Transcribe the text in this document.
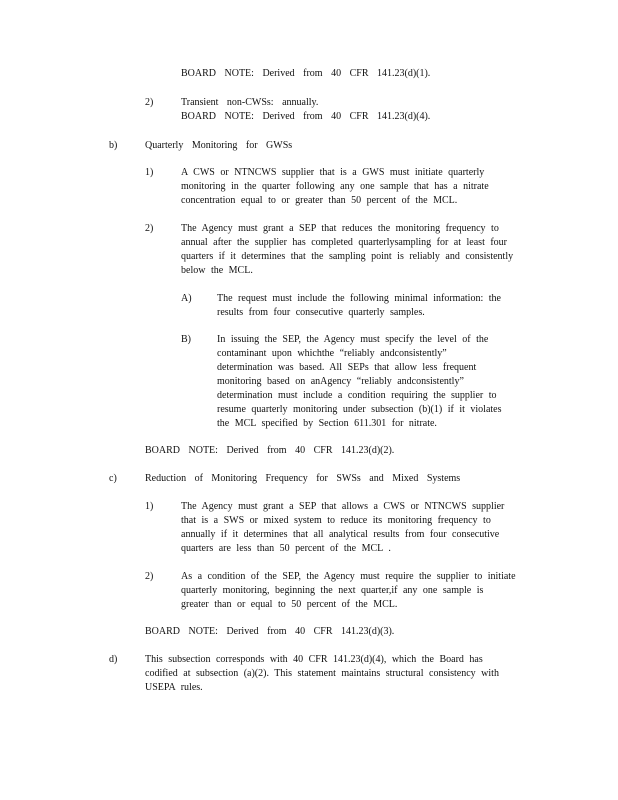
BOARD NOTE: Derived from 40 CFR 141.23(d)(1).
2)	Transient non-CWSs: annually.
BOARD NOTE: Derived from 40 CFR 141.23(d)(4).
b)	Quarterly Monitoring for GWSs
1)	A CWS or NTNCWS supplier that is a GWS must initiate quarterly
monitoring in the quarter following any one sample that has a nitrate
concentration equal to or greater than 50 percent of the MCL.
2)	The Agency must grant a SEP that reduces the monitoring frequency to
annual after the supplier has completed quarterlysampling for at least four
quarters if it determines that the sampling point is reliably and consistently
below the MCL.
A)	The request must include the following minimal information: the
results from four consecutive quarterly samples.
B)	In issuing the SEP, the Agency must specify the level of the
contaminant upon whichthe “reliably andconsistently”
determination was based. All SEPs that allow less frequent
monitoring based on anAgency “reliably andconsistently”
determination must include a condition requiring the supplier to
resume quarterly monitoring under subsection (b)(1) if it violates
the MCL specified by Section 611.301 for nitrate.
BOARD NOTE: Derived from 40 CFR 141.23(d)(2).
c)	Reduction of Monitoring Frequency for SWSs and Mixed Systems
1)	The Agency must grant a SEP that allows a CWS or NTNCWS supplier
that is a SWS or mixed system to reduce its monitoring frequency to
annually if it determines that all analytical results from four consecutive
quarters are less than 50 percent of the MCL .
2)	As a condition of the SEP, the Agency must require the supplier to initiate
quarterly monitoring, beginning the next quarter,if any one sample is
greater than or equal to 50 percent of the MCL.
BOARD NOTE: Derived from 40 CFR 141.23(d)(3).
d)	This subsection corresponds with 40 CFR 141.23(d)(4), which the Board has
codified at subsection (a)(2). This statement maintains structural consistency with
USEPA rules.
